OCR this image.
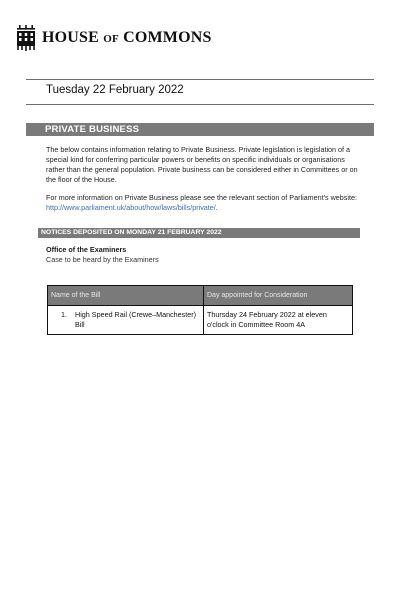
HOUSE OF COMMONS
Tuesday 22 February 2022
PRIVATE BUSINESS
The below contains information relating to Private Business. Private legislation is legislation of a special kind for conferring particular powers or benefits on specific individuals or organisations rather than the general population. Private business can be considered either in Committees or on the floor of the House.
For more information on Private Business please see the relevant section of Parliament's website: http://www.parliament.uk/about/how/laws/bills/private/.
NOTICES DEPOSITED ON MONDAY 21 FEBRUARY 2022
Office of the Examiners
Case to be heard by the Examiners
Name of the Bill	Day appointed for Consideration

1. High Speed Rail (Crewe–Manchester) Bill	Thursday 24 February 2022 at eleven o'clock in Committee Room 4A
